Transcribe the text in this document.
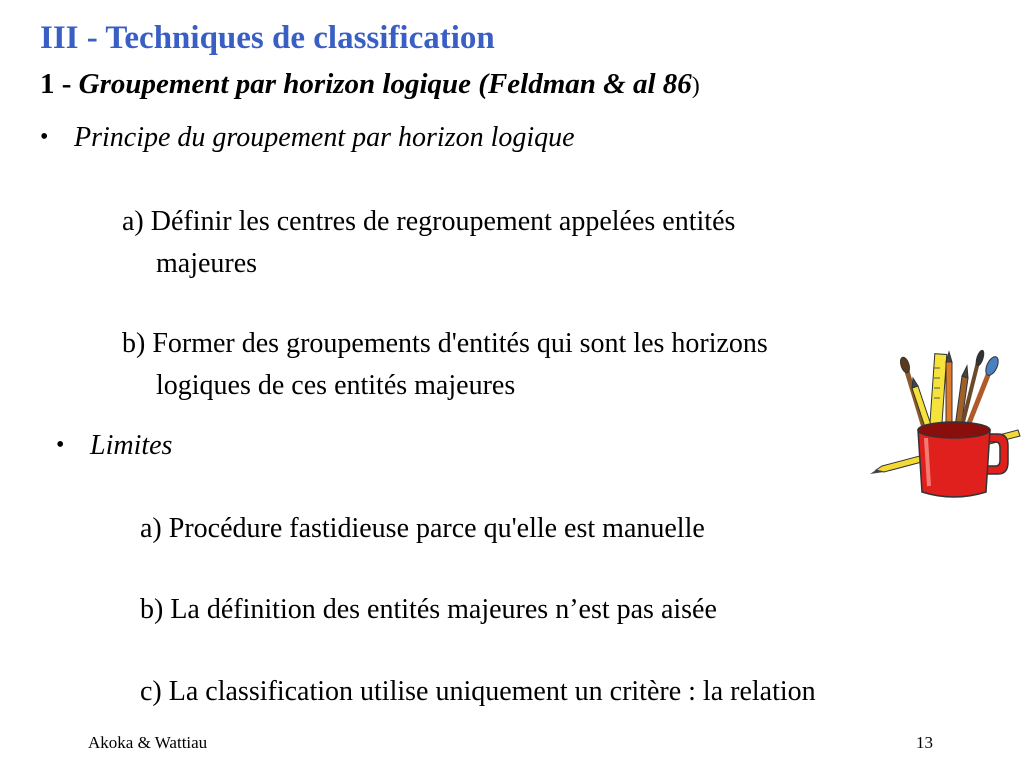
III - Techniques de classification
1 - Groupement par horizon logique (Feldman & al 86)
• Principe du groupement par horizon logique
a) Définir les centres de regroupement appelées entités
majeures
b) Former des groupements d'entités qui sont les horizons
logiques de ces entités majeures
• Limites
a) Procédure fastidieuse parce qu'elle est manuelle
b) La définition des entités majeures n’est pas aisée
c) La classification utilise uniquement un critère : la relation
Akoka & Wattiau	13
